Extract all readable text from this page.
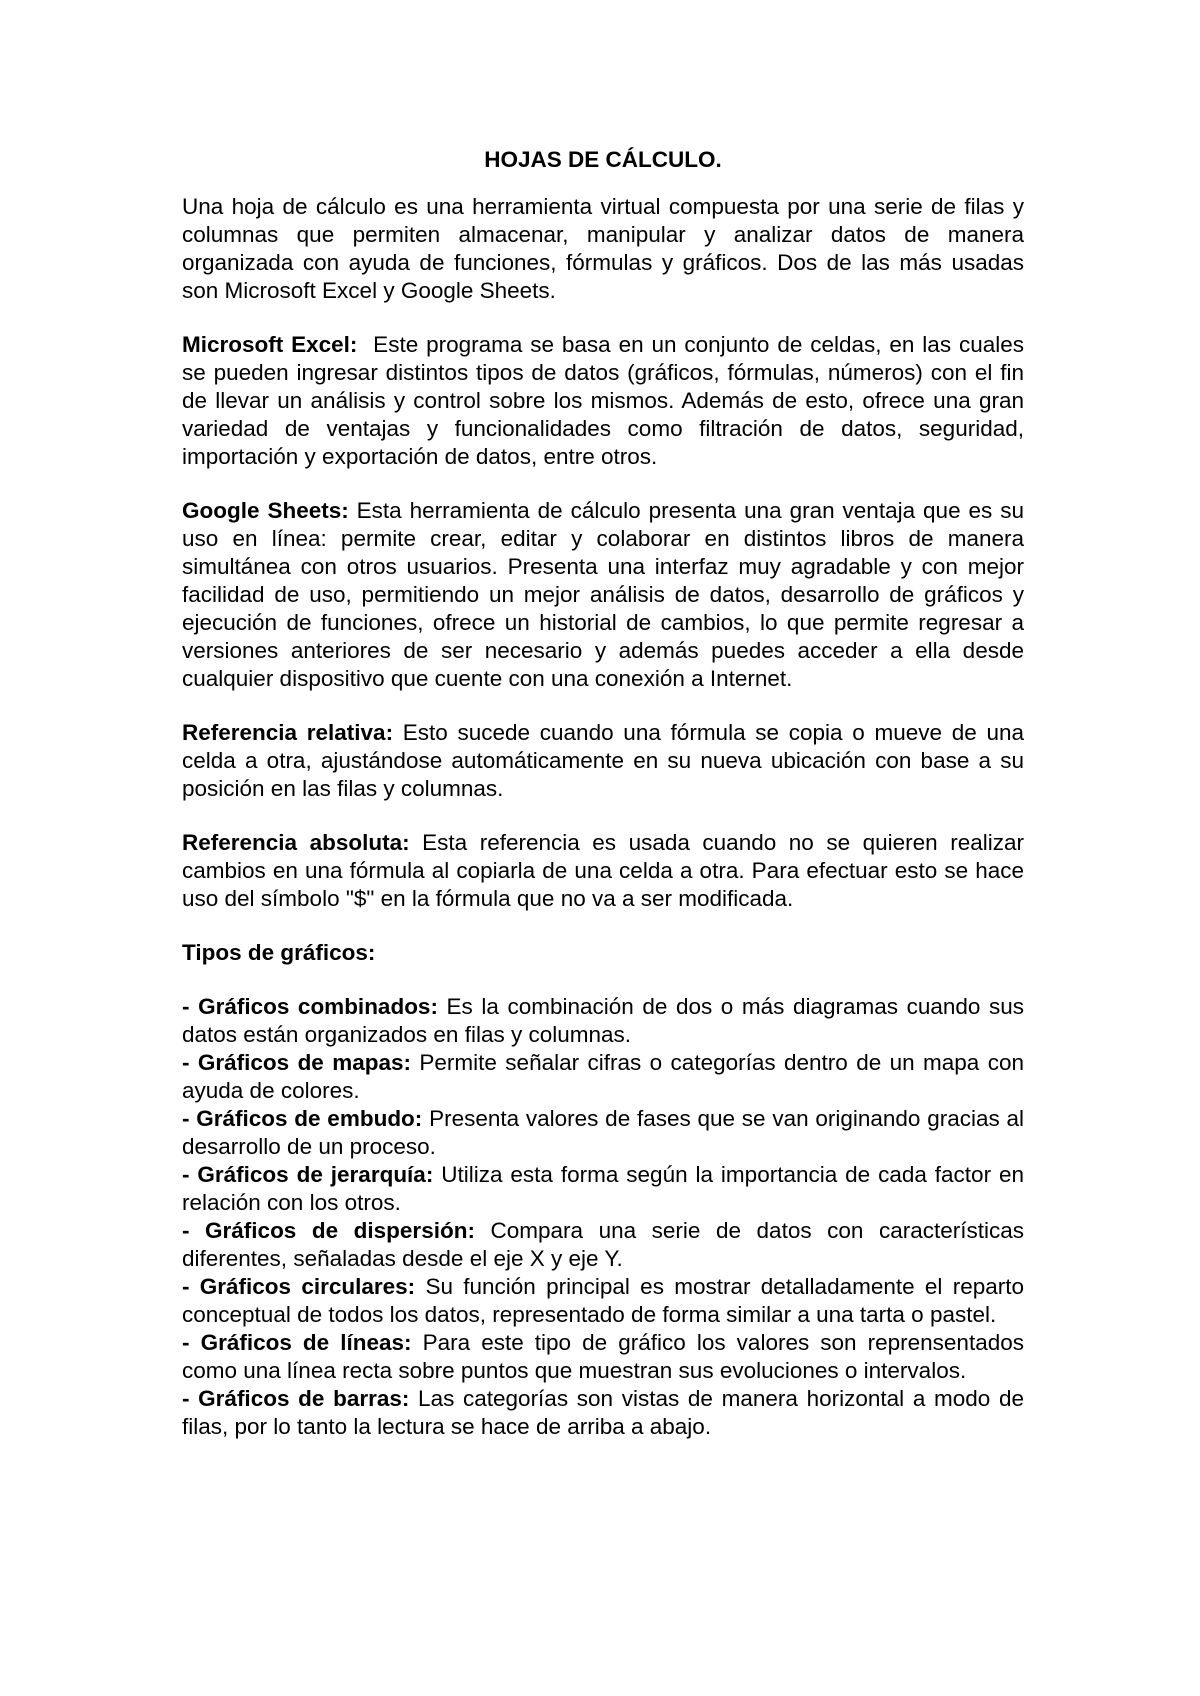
HOJAS DE CÁLCULO.

Una hoja de cálculo es una herramienta virtual compuesta por una serie de filas y columnas que permiten almacenar, manipular y analizar datos de manera organizada con ayuda de funciones, fórmulas y gráficos. Dos de las más usadas son Microsoft Excel y Google Sheets.

Microsoft Excel:  Este programa se basa en un conjunto de celdas, en las cuales se pueden ingresar distintos tipos de datos (gráficos, fórmulas, números) con el fin de llevar un análisis y control sobre los mismos. Además de esto, ofrece una gran variedad de ventajas y funcionalidades como filtración de datos, seguridad, importación y exportación de datos, entre otros.

Google Sheets: Esta herramienta de cálculo presenta una gran ventaja que es su uso en línea: permite crear, editar y colaborar en distintos libros de manera simultánea con otros usuarios. Presenta una interfaz muy agradable y con mejor facilidad de uso, permitiendo un mejor análisis de datos, desarrollo de gráficos y ejecución de funciones, ofrece un historial de cambios, lo que permite regresar a versiones anteriores de ser necesario y además puedes acceder a ella desde cualquier dispositivo que cuente con una conexión a Internet.

Referencia relativa: Esto sucede cuando una fórmula se copia o mueve de una celda a otra, ajustándose automáticamente en su nueva ubicación con base a su posición en las filas y columnas.

Referencia absoluta: Esta referencia es usada cuando no se quieren realizar cambios en una fórmula al copiarla de una celda a otra. Para efectuar esto se hace uso del símbolo "$" en la fórmula que no va a ser modificada.

Tipos de gráficos:

- Gráficos combinados: Es la combinación de dos o más diagramas cuando sus datos están organizados en filas y columnas.
- Gráficos de mapas: Permite señalar cifras o categorías dentro de un mapa con ayuda de colores.
- Gráficos de embudo: Presenta valores de fases que se van originando gracias al desarrollo de un proceso.
- Gráficos de jerarquía: Utiliza esta forma según la importancia de cada factor en relación con los otros.
- Gráficos de dispersión: Compara una serie de datos con características diferentes, señaladas desde el eje X y eje Y.
- Gráficos circulares: Su función principal es mostrar detalladamente el reparto conceptual de todos los datos, representado de forma similar a una tarta o pastel.
- Gráficos de líneas: Para este tipo de gráfico los valores son reprensentados como una línea recta sobre puntos que muestran sus evoluciones o intervalos.
- Gráficos de barras: Las categorías son vistas de manera horizontal a modo de filas, por lo tanto la lectura se hace de arriba a abajo.
